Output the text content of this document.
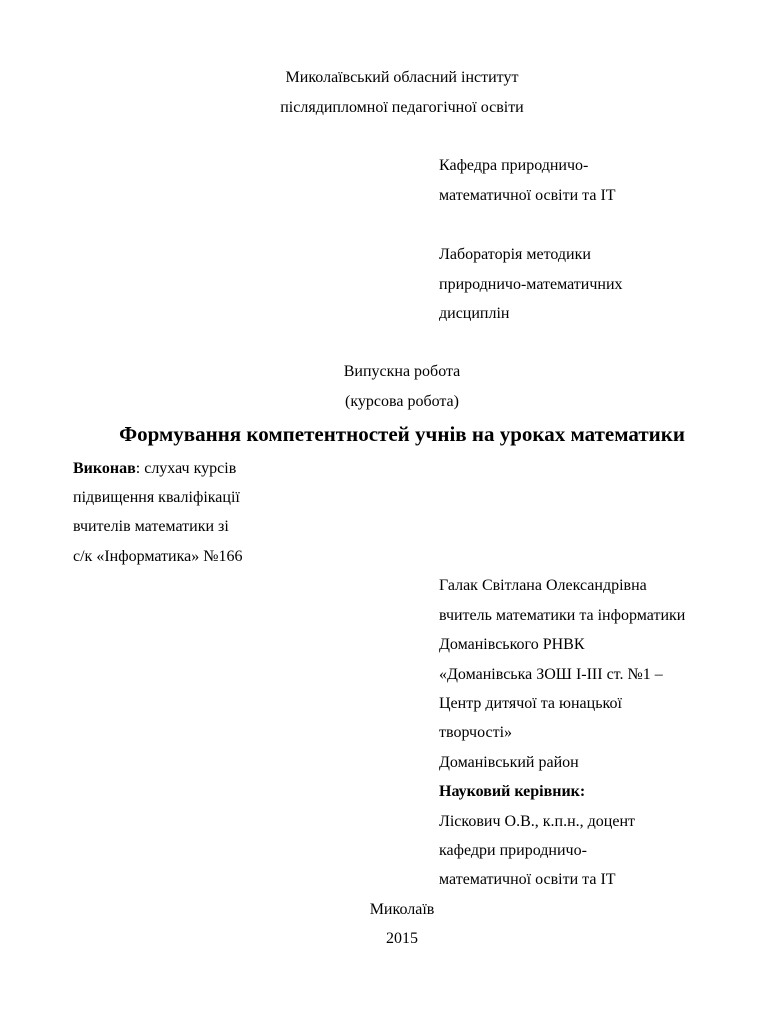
Миколаївський обласний інститут
післядипломної педагогічної освіти
Кафедра природничо-
математичної освіти та ІТ
Лабораторія методики
природничо-математичних
дисциплін
Випускна робота
(курсова робота)
Формування компетентностей учнів на уроках математики
Виконав: слухач курсів
підвищення кваліфікації
вчителів математики зі
с/к «Інформатика» №166
Галак Світлана Олександрівна
вчитель математики та інформатики
Доманівського РНВК
«Доманівська ЗОШ І-ІІІ ст. №1 –
Центр дитячої та юнацької
творчості»
Доманівський район
Науковий керівник:
Ліскович О.В., к.п.н., доцент
кафедри природничо-
математичної освіти та ІТ
Миколаїв
2015
